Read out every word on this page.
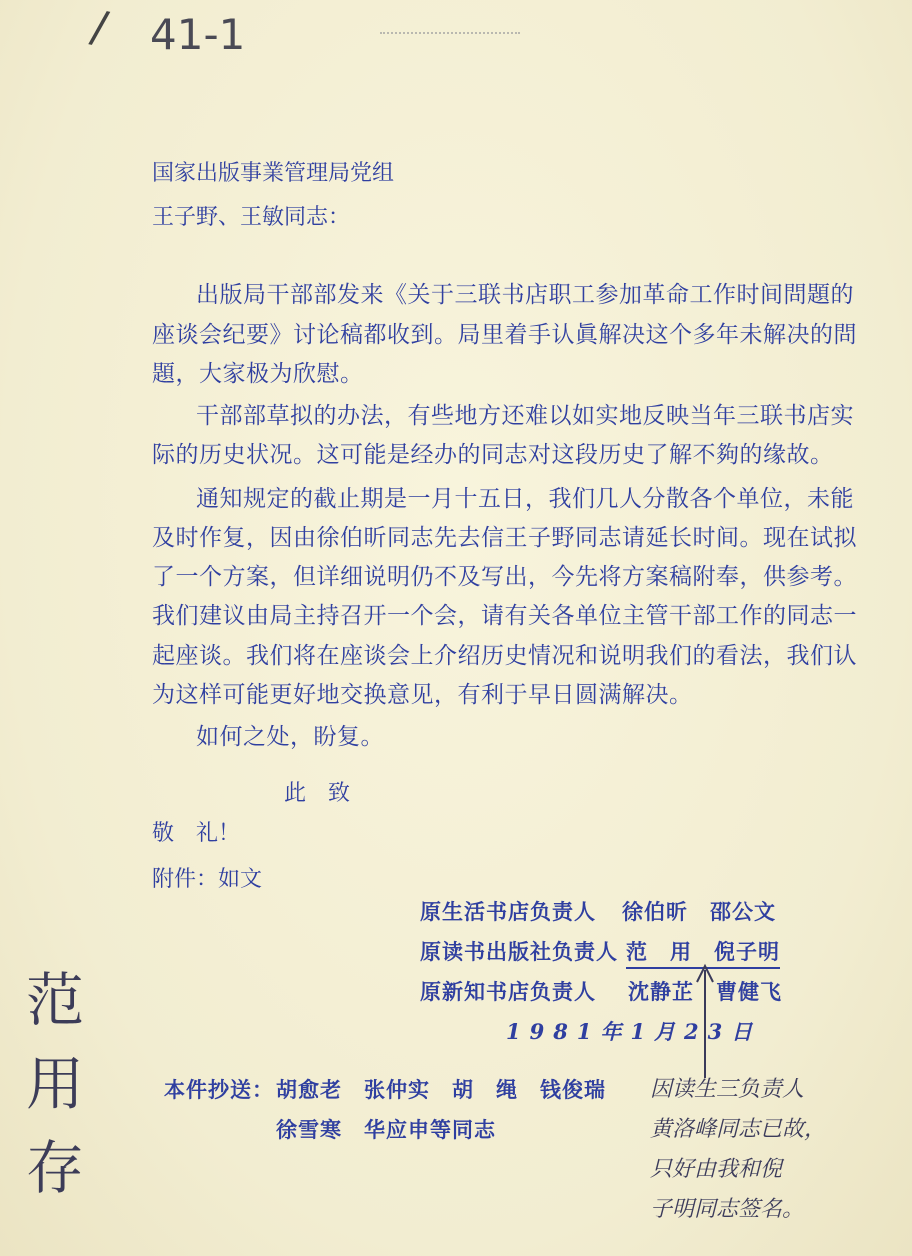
/ 41-1
国家出版事業管理局党组
王子野、王敏同志：
出版局干部部发来《关于三联书店职工参加革命工作时间問題的
座谈会纪要》讨论稿都收到。局里着手认眞解决这个多年未解决的問
題，大家极为欣慰。
干部部草拟的办法，有些地方还难以如实地反映当年三联书店实
际的历史状况。这可能是经办的同志对这段历史了解不夠的缘故。
通知规定的截止期是一月十五日，我们几人分散各个单位，未能
及时作复，因由徐伯昕同志先去信王子野同志请延长时间。现在试拟
了一个方案，但详细说明仍不及写出，今先将方案稿附奉，供参考。
我们建议由局主持召开一个会，请有关各单位主管干部工作的同志一
起座谈。我们将在座谈会上介绍历史情况和说明我们的看法，我们认
为这样可能更好地交换意见，有利于早日圆满解决。
如何之处，盼复。
此　致
敬　礼！
附件：如文
原生活书店负责人 徐伯昕　邵公文
原读书出版社负责人 范　用　倪子明
原新知书店负责人 沈静芷　曹健飞
1981年1月23日
本件抄送： 胡愈老　张仲实　胡　绳　钱俊瑞
徐雪寒　华应申等同志
范
用
存
因读生三负责人
黄洛峰同志已故，
只好由我和倪
子明同志签名。
